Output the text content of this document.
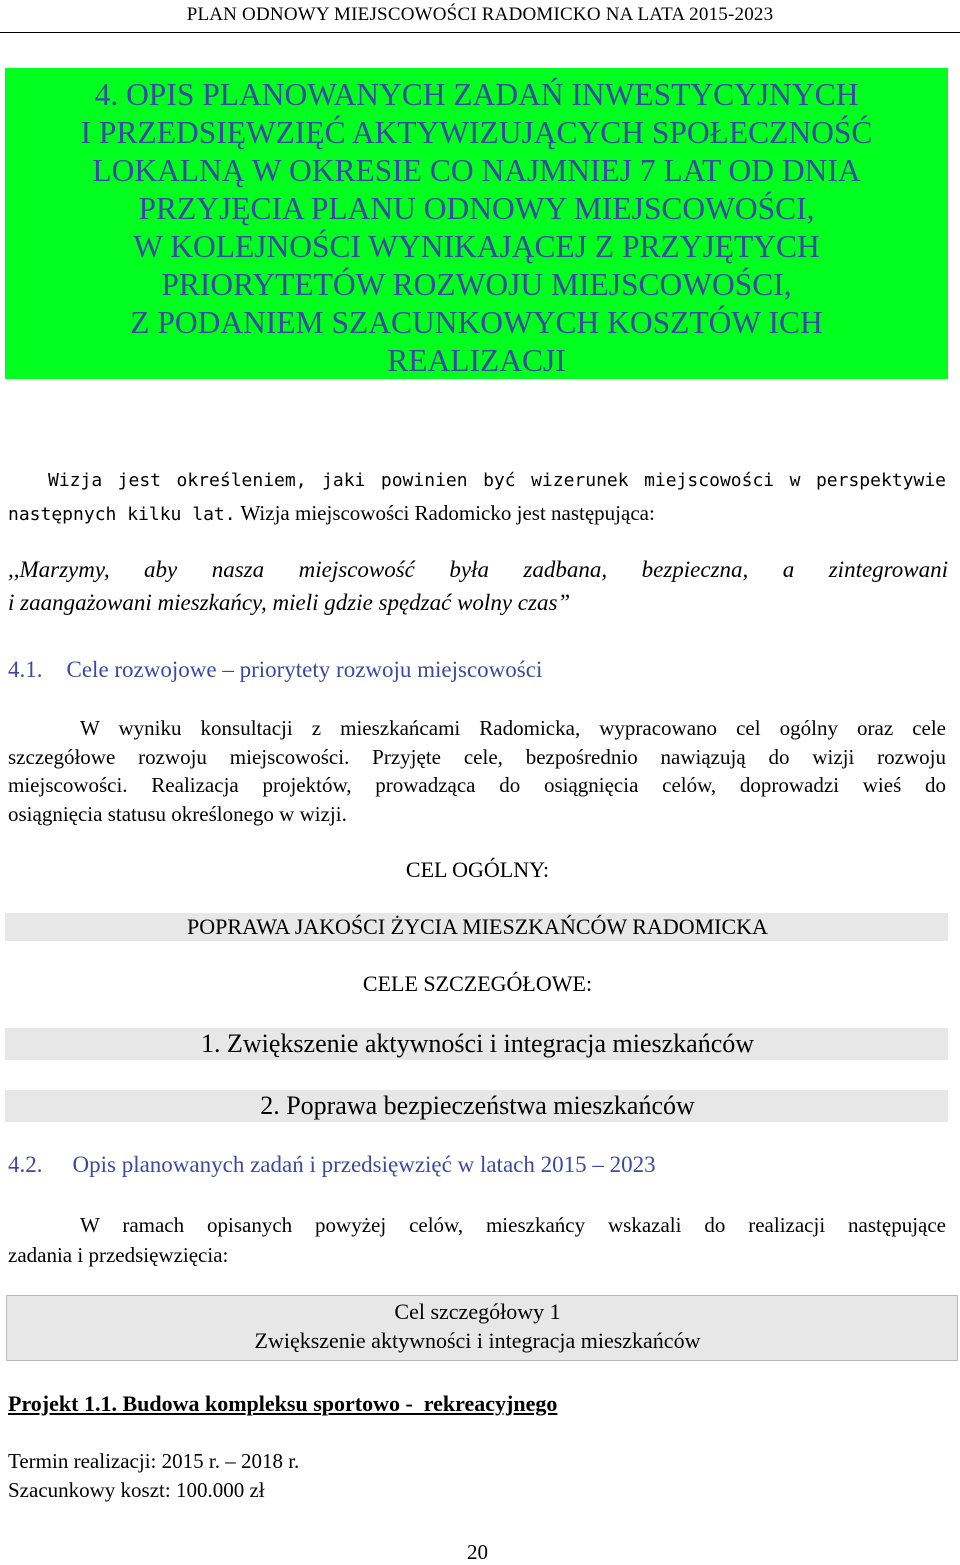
PLAN ODNOWY MIEJSCOWOŚCI RADOMICKO NA LATA 2015-2023
4. OPIS PLANOWANYCH ZADAŃ INWESTYCYJNYCH
I PRZEDSIĘWZIĘĆ AKTYWIZUJĄCYCH SPOŁECZNOŚĆ
LOKALNĄ W OKRESIE CO NAJMNIEJ 7 LAT OD DNIA
PRZYJĘCIA PLANU ODNOWY MIEJSCOWOŚCI,
W KOLEJNOŚCI WYNIKAJĄCEJ Z PRZYJĘTYCH
PRIORYTETÓW ROZWOJU MIEJSCOWOŚCI,
Z PODANIEM SZACUNKOWYCH KOSZTÓW ICH
REALIZACJI
Wizja jest określeniem, jaki powinien być wizerunek miejscowości w perspektywie
następnych kilku lat. Wizja miejscowości Radomicko jest następująca:
,,Marzymy, aby nasza miejscowość była zadbana, bezpieczna, a zintegrowani
i zaangażowani mieszkańcy, mieli gdzie spędzać wolny czas”
4.1. Cele rozwojowe – priorytety rozwoju miejscowości
W wyniku konsultacji z mieszkańcami Radomicka, wypracowano cel ogólny oraz cele
szczegółowe rozwoju miejscowości. Przyjęte cele, bezpośrednio nawiązują do wizji rozwoju
miejscowości. Realizacja projektów, prowadząca do osiągnięcia celów, doprowadzi wieś do
osiągnięcia statusu określonego w wizji.
CEL OGÓLNY:
POPRAWA JAKOŚCI ŻYCIA MIESZKAŃCÓW RADOMICKA
CELE SZCZEGÓŁOWE:
1. Zwiększenie aktywności i integracja mieszkańców
2. Poprawa bezpieczeństwa mieszkańców
4.2. Opis planowanych zadań i przedsięwzięć w latach 2015 – 2023
W ramach opisanych powyżej celów, mieszkańcy wskazali do realizacji następujące
zadania i przedsięwzięcia:
Cel szczegółowy 1
Zwiększenie aktywności i integracja mieszkańców
Projekt 1.1. Budowa kompleksu sportowo -  rekreacyjnego
Termin realizacji: 2015 r. – 2018 r.
Szacunkowy koszt: 100.000 zł
20
